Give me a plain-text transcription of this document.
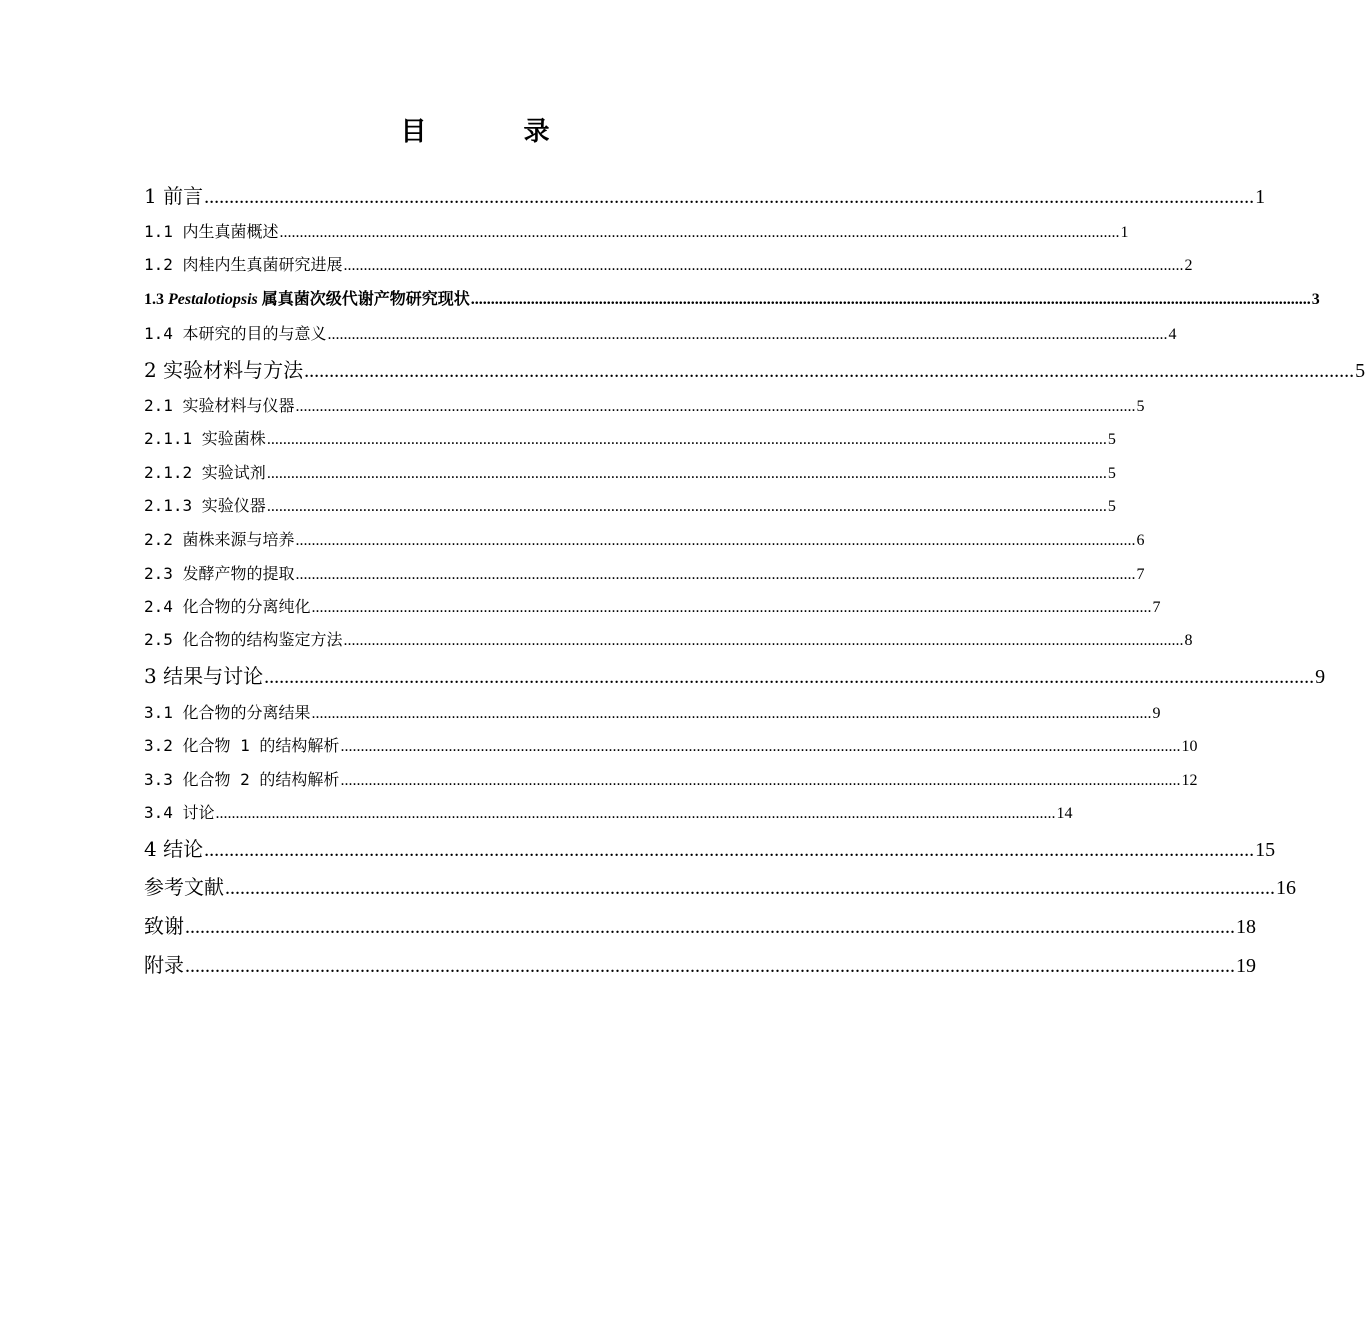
目 录
1 前言 .................................................................................................................................................................................................................. 1
1.1 内生真菌概述 .................................................................................................................................................................................................................. 1
1.2 肉桂内生真菌研究进展 .................................................................................................................................................................................................................. 2
1.3 Pestalotiopsis 属真菌次级代谢产物研究现状 .................................................................................................................................................................................................................. 3
1.4 本研究的目的与意义 .................................................................................................................................................................................................................. 4
2 实验材料与方法 .................................................................................................................................................................................................................. 5
2.1 实验材料与仪器 .................................................................................................................................................................................................................. 5
2.1.1 实验菌株 .................................................................................................................................................................................................................. 5
2.1.2 实验试剂 .................................................................................................................................................................................................................. 5
2.1.3 实验仪器 .................................................................................................................................................................................................................. 5
2.2 菌株来源与培养 .................................................................................................................................................................................................................. 6
2.3 发酵产物的提取 .................................................................................................................................................................................................................. 7
2.4 化合物的分离纯化 .................................................................................................................................................................................................................. 7
2.5 化合物的结构鉴定方法 .................................................................................................................................................................................................................. 8
3 结果与讨论 .................................................................................................................................................................................................................. 9
3.1 化合物的分离结果 .................................................................................................................................................................................................................. 9
3.2 化合物 1 的结构解析 .................................................................................................................................................................................................................. 10
3.3 化合物 2 的结构解析 .................................................................................................................................................................................................................. 12
3.4 讨论 .................................................................................................................................................................................................................. 14
4 结论 .................................................................................................................................................................................................................. 15
参考文献 .................................................................................................................................................................................................................. 16
致谢 .................................................................................................................................................................................................................. 18
附录 .................................................................................................................................................................................................................. 19
